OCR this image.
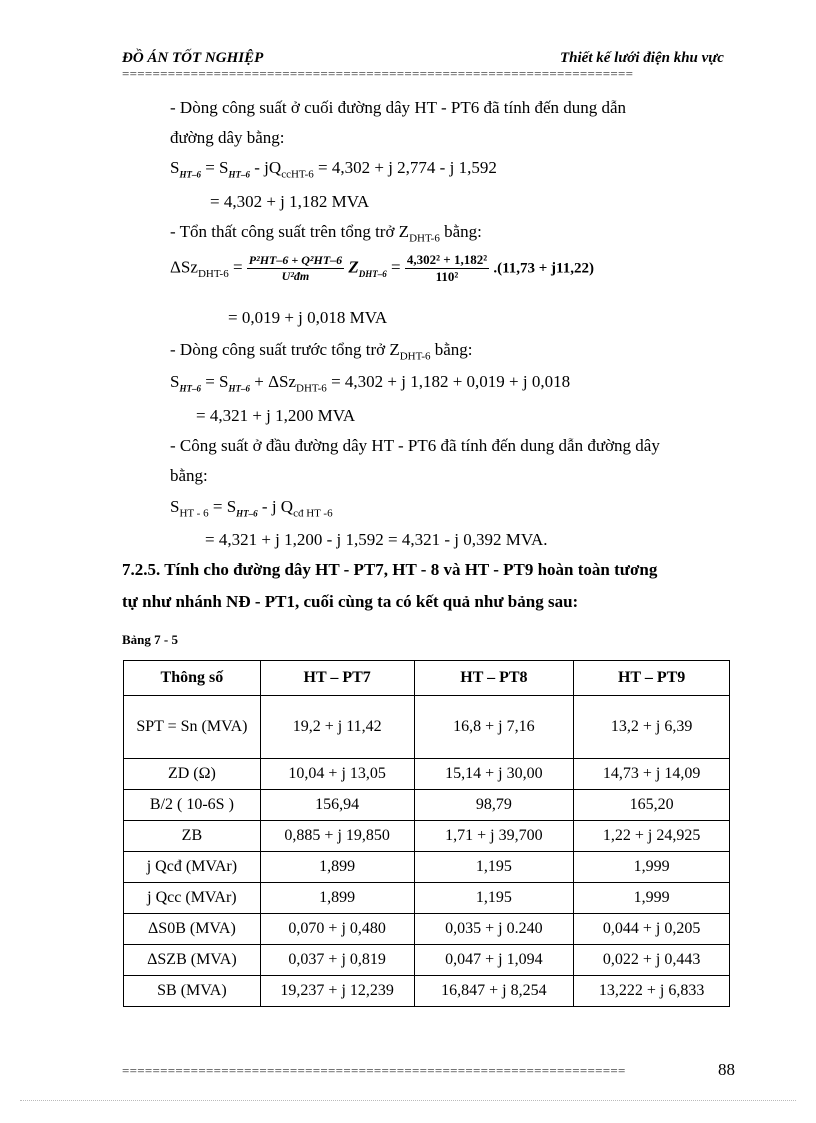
ĐỒ ÁN TỐT NGHIỆP	Thiết kế lưới điện khu vực
===================================================================
- Dòng công suất ở cuối đường dây HT - PT6 đã tính đến dung dẫn
đường dây bằng:
$S_{HT-6} = S_{HT-6} - jQ_{ccHT-6} = 4,302 + j$ 2,774 - j 1,592
= 4,302 + j 1,182 MVA
- Tổn thất công suất trên tổng trở $Z_{DHT-6}$ bằng:
$\Delta Sz_{DHT-6} = \frac{\text{P²HT–6 + Q²HT–6}}{\text{U²đm}} Z_{DHT-6} = \frac{\text{4,302² + 1,182²}}{\text{110²}} .(11,73 + j11,22)$
= 0,019 + j 0,018 MVA
- Dòng công suất trước tổng trở $Z_{DHT-6}$ bằng:
$S_{HT-6} = S_{HT-6} + \Delta Sz_{DHT-6} = 4,302 + j$ 1,182 + 0,019 + j 0,018
= 4,321 + j 1,200 MVA
- Công suất ở đầu đường dây HT - PT6 đã tính đến dung dẫn đường dây
bằng:
$S_{HT - 6} = S_{HT-6} - j$ $Q_{cđ HT -6}$
= 4,321 + j 1,200 - j 1,592 = 4,321 - j 0,392 MVA.
7.2.5. Tính cho đường dây HT - PT7, HT - 8 và HT - PT9 hoàn toàn tương
tự như nhánh NĐ - PT1, cuối cùng ta có kết quả như bảng sau:
Bảng 7 - 5
Thông số	HT – PT7	HT – PT8	HT – PT9
SPT = Sn (MVA)	19,2 + j 11,42	16,8 + j 7,16	13,2 + j 6,39
ZD (Ω)	10,04 + j 13,05	15,14 + j 30,00	14,73 + j 14,09
B/2 ( 10-6S )	156,94	98,79	165,20
ZB	0,885 + j 19,850	1,71 + j 39,700	1,22 + j 24,925
j Qcđ (MVAr)	1,899	1,195	1,999
j Qcc (MVAr)	1,899	1,195	1,999
ΔS0B (MVA)	0,070 + j 0,480	0,035 + j 0.240	0,044 + j 0,205
ΔSZB (MVA)	0,037 + j 0,819	0,047 + j 1,094	0,022 + j 0,443
SB (MVA)	19,237 + j 12,239	16,847 + j 8,254	13,222 + j 6,833
==================================================================	88
